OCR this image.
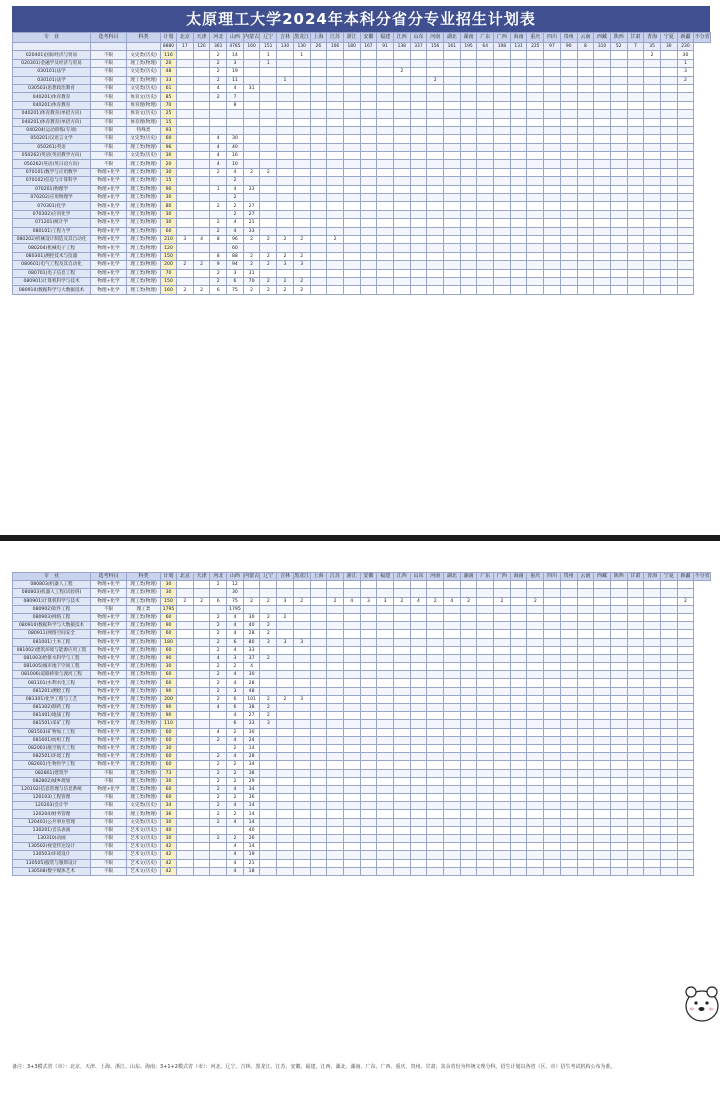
太原理工大学2024年本科分省分专业招生计划表
专　业	选考科目	科类	计划	北京	天津	河北	山西	内蒙古	辽宁	吉林	黑龙江	上海	江苏	浙江	安徽	福建	江西	山东	河南	湖北	湖南	广东	广西	海南	重庆	四川	贵州	云南	西藏	陕西	甘肃	青海	宁夏	新疆	不分省
			8880	17	120	361	4785	160	151	130	130	26	106	180	167	91	138	337	156	161	195	64	108	131	225	97	90	8	310	52	7	35	30	230	
020401)国际经济与贸易	不限	文史类(历史)	116			2	14		1		1																					2		30	
020301)金融学及经济与贸易	不限	理工类(物理)	20			2	3		1																									1	
030101)法学	不限	文史类(历史)	48			2	19										2																	3	
030101)法学	不限	理工类(物理)	33			2	11			1									2															2	
030503)思想政治教育	不限	文史类(历史)	61			4	4	31																											
040201)体育教育	不限	体育文(历史)	85			2	7																												
040201)体育教育	不限	体育理(物理)	70				8																												
040201)体育教育(单招方向)	不限	体育文(历史)	25																																
040201)体育教育(单招方向)	不限	体育理(物理)	15																																
040204)运动训练(专项)	不限	特殊类	93																																
050201)汉语言文学	不限	文史类(历史)	60			4	30																												
050261)英语	不限	理工类(物理)	96			4	40																												
050262)英语(英语教学方向)	不限	文史类(历史)	30			4	16																												
050262)英语(英日语方向)	不限	理工类(物理)	20			4	10																												
070101)数学与应用数学	物理+化学	理工类(物理)	30			2	4	2	2																										
070102)信息与计算科学	物理+化学	理工类(物理)	15				2																												
070201)物理学	物理+化学	理工类(物理)	90			1	4	33																											
070202)应用物理学	物理+化学	理工类(物理)	30				2																												
070301)化学	物理+化学	理工类(物理)	80			2	2	27																											
070302)应用化学	物理+化学	理工类(物理)	30				2	27																											
071201)统计学	物理+化学	理工类(物理)	30			2	4	21																											
080101)工程力学	物理+化学	理工类(物理)	60			2	4	33																											
080202)机械设计制造及其自动化	物理+化学	理工类(物理)	210	3	4	8	96	2	2	2	2		2																						
080204)机械电子工程	物理+化学	理工类(物理)	120				60																												
080301)测控技术与仪器	物理+化学	理工类(物理)	150			8	88	2	2	2	2																								
080601)电气工程及其自动化	物理+化学	理工类(物理)	200	2	2	9	94	2	2	3	3																								
080701)电子信息工程	物理+化学	理工类(物理)	70			2	3	31																											
080901)计算机科学与技术	物理+化学	理工类(物理)	150			2	6	70	2	2	2																								
080910)数据科学与大数据技术	物理+化学	理工类(物理)	160	2	2	6	75	2	2	2	2																								
专　业	选考科目	科类	计划	北京	天津	河北	山西	内蒙古	辽宁	吉林	黑龙江	上海	江苏	浙江	安徽	福建	江西	山东	河南	湖北	湖南	广东	广西	海南	重庆	四川	贵州	云南	西藏	陕西	甘肃	青海	宁夏	新疆	不分省
080803)机器人工程	物理+化学	理工类(物理)	30			2	12																												
080803)机器人工程(试验班)	物理+化学	理工类(物理)	30				30																												
080901)计算机科学与技术	物理+化学	理工类(物理)	150	2	2	6	75	2	2	3	2		2	4	3	3	2	4	2	4	2		2		2									2	
080902)软件工程	不限	理工类	1795				1795																												
080903)网络工程	物理+化学	理工类(物理)	60			2	4	30	2	2																									
080910)数据科学与大数据技术	物理+化学	理工类(物理)	90			2	4	40	2																										
080911)网络空间安全	物理+化学	理工类(物理)	60			2	4	28	2																										
081001)土木工程	物理+化学	理工类(物理)	180			2	6	80	3	3	3																								
081002)建筑环境与能源应用工程	物理+化学	理工类(物理)	60			2	4	33																											
081003)给排水科学与工程	物理+化学	理工类(物理)	90			4	3	37	2																										
081005)城市地下空间工程	物理+化学	理工类(物理)	30			2	2	4																											
081006)道路桥梁与渡河工程	物理+化学	理工类(物理)	60			2	4	30																											
081101)水利水电工程	物理+化学	理工类(物理)	60			2	4	28																											
081201)测绘工程	物理+化学	理工类(物理)	90			2	3	48																											
081301)化学工程与工艺	物理+化学	理工类(物理)	200			2	6	101	2	2	3																								
081302)制药工程	物理+化学	理工类(物理)	90			4	6	38	2																										
081401)地质工程	物理+化学	理工类(物理)	90				4	27	2																										
081501)采矿工程	物理+化学	理工类(物理)	110				6	33	3																										
081503)矿物加工工程	物理+化学	理工类(物理)	60			4	2	30																											
081601)纺织工程	物理+化学	理工类(物理)	60			2	4	24																											
082001)航空航天工程	物理+化学	理工类(物理)	30				2	14																											
082501)环境工程	物理+化学	理工类(物理)	60			2	4	28																											
082601)生物医学工程	物理+化学	理工类(物理)	60			2	2	34																											
082801)建筑学	不限	理工类(物理)	73			2	2	38																											
082802)城乡规划	不限	理工类(物理)	30			2	2	29																											
120102)信息管理与信息系统	物理+化学	理工类(物理)	60			2	4	34																											
120103)工程管理	不限	理工类(物理)	60			2	2	36																											
120203)会计学	不限	文史类(历史)	34			2	4	14																											
120204)财务管理	不限	理工类(物理)	36			2	2	14																											
120401)公共事业管理	不限	文史类(历史)	30			2	4	14																											
130201)音乐表演	不限	艺术文(历史)	40					40																											
130310)动画	不限	艺术文(历史)	30			2	2	26																											
130502)视觉传达设计	不限	艺术文(历史)	42				4	14																											
130503)环境设计	不限	艺术文(历史)	42				4	19																											
130505)服装与服饰设计	不限	艺术文(历史)	42				4	21																											
130508)数字媒体艺术	不限	艺术文(历史)	42				4	18																											
备注：3+3模式省（市）：北京、天津、上海、浙江、山东、海南；3+1+2模式省（市）：河北、辽宁、吉林、黑龙江、江苏、安徽、福建、江西、湖北、湖南、广东、广西、重庆、贵州、甘肃；其余省份为传统文理分科。招生计划以各省（区、市）招生考试机构公布为准。
